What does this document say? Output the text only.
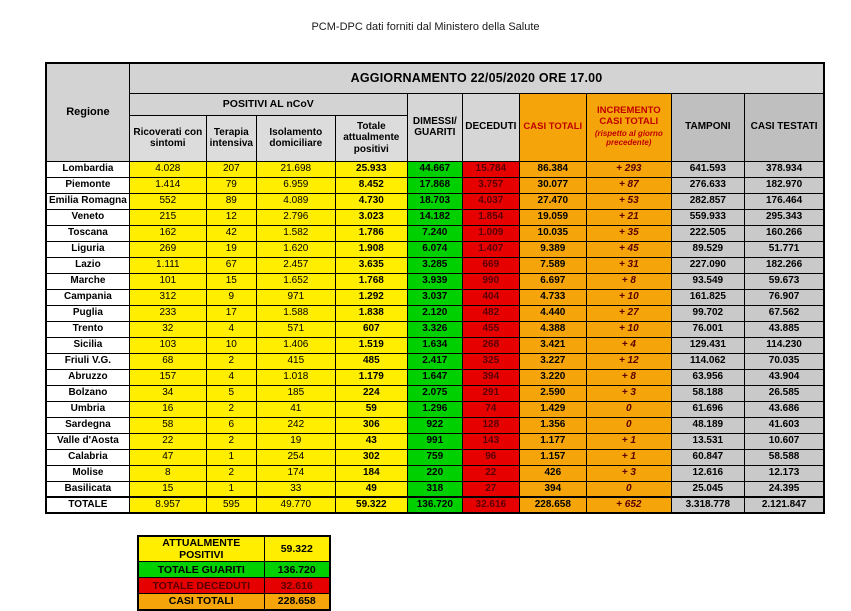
PCM-DPC dati forniti dal Ministero della Salute
Regione	AGGIORNAMENTO 22/05/2020 ORE 17.00									
	POSITIVI AL nCoV				DIMESSI/ GUARITI	DECEDUTI	CASI TOTALI	INCREMENTO CASI TOTALI
(rispetto al giorno precedente)	TAMPONI	CASI TESTATI
	Ricoverati con sintomi	Terapia intensiva	Isolamento domiciliare	Totale attualmente positivi						
Lombardia	4.028	207	21.698	25.933	44.667	15.784	86.384	+ 293	641.593	378.934
Piemonte	1.414	79	6.959	8.452	17.868	3.757	30.077	+ 87	276.633	182.970
Emilia Romagna	552	89	4.089	4.730	18.703	4.037	27.470	+ 53	282.857	176.464
Veneto	215	12	2.796	3.023	14.182	1.854	19.059	+ 21	559.933	295.343
Toscana	162	42	1.582	1.786	7.240	1.009	10.035	+ 35	222.505	160.266
Liguria	269	19	1.620	1.908	6.074	1.407	9.389	+ 45	89.529	51.771
Lazio	1.111	67	2.457	3.635	3.285	669	7.589	+ 31	227.090	182.266
Marche	101	15	1.652	1.768	3.939	990	6.697	+ 8	93.549	59.673
Campania	312	9	971	1.292	3.037	404	4.733	+ 10	161.825	76.907
Puglia	233	17	1.588	1.838	2.120	482	4.440	+ 27	99.702	67.562
Trento	32	4	571	607	3.326	455	4.388	+ 10	76.001	43.885
Sicilia	103	10	1.406	1.519	1.634	268	3.421	+ 4	129.431	114.230
Friuli V.G.	68	2	415	485	2.417	325	3.227	+ 12	114.062	70.035
Abruzzo	157	4	1.018	1.179	1.647	394	3.220	+ 8	63.956	43.904
Bolzano	34	5	185	224	2.075	291	2.590	+ 3	58.188	26.585
Umbria	16	2	41	59	1.296	74	1.429	0	61.696	43.686
Sardegna	58	6	242	306	922	128	1.356	0	48.189	41.603
Valle d'Aosta	22	2	19	43	991	143	1.177	+ 1	13.531	10.607
Calabria	47	1	254	302	759	96	1.157	+ 1	60.847	58.588
Molise	8	2	174	184	220	22	426	+ 3	12.616	12.173
Basilicata	15	1	33	49	318	27	394	0	25.045	24.395
TOTALE	8.957	595	49.770	59.322	136.720	32.616	228.658	+ 652	3.318.778	2.121.847
ATTUALMENTE POSITIVI	59.322
TOTALE GUARITI	136.720
TOTALE DECEDUTI	32.616
CASI TOTALI	228.658
